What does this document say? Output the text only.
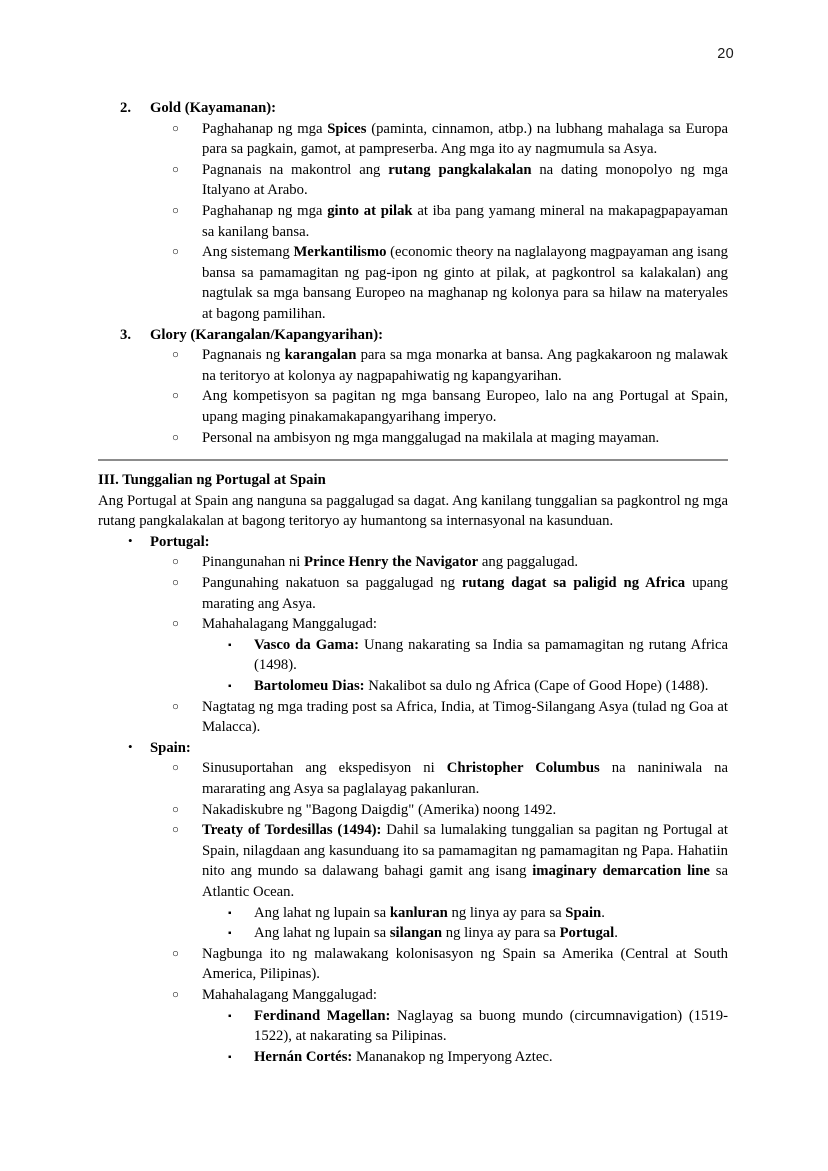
20
2.	Gold (Kayamanan):
○ Paghahanap ng mga Spices (paminta, cinnamon, atbp.) na lubhang mahalaga sa Europa para sa pagkain, gamot, at pampreserba. Ang mga ito ay nagmumula sa Asya.
○ Pagnanais na makontrol ang rutang pangkalakalan na dating monopolyo ng mga Italyano at Arabo.
○ Paghahanap ng mga ginto at pilak at iba pang yamang mineral na makapagpapayaman sa kanilang bansa.
○ Ang sistemang Merkantilismo (economic theory na naglalayong magpayaman ang isang bansa sa pamamagitan ng pag-ipon ng ginto at pilak, at pagkontrol sa kalakalan) ang nagtulak sa mga bansang Europeo na maghanap ng kolonya para sa hilaw na materyales at bagong pamilihan.
3.	Glory (Karangalan/Kapangyarihan):
○ Pagnanais ng karangalan para sa mga monarka at bansa. Ang pagkakaroon ng malawak na teritoryo at kolonya ay nagpapahiwatig ng kapangyarihan.
○ Ang kompetisyon sa pagitan ng mga bansang Europeo, lalo na ang Portugal at Spain, upang maging pinakamakapangyarihang imperyo.
○ Personal na ambisyon ng mga manggalugad na makilala at maging mayaman.
III. Tunggalian ng Portugal at Spain
Ang Portugal at Spain ang nanguna sa paggalugad sa dagat. Ang kanilang tunggalian sa pagkontrol ng mga rutang pangkalakalan at bagong teritoryo ay humantong sa internasyonal na kasunduan.
• Portugal:
○ Pinangunahan ni Prince Henry the Navigator ang paggalugad.
○ Pangunahing nakatuon sa paggalugad ng rutang dagat sa paligid ng Africa upang marating ang Asya.
○ Mahahalagang Manggalugad:
▪ Vasco da Gama: Unang nakarating sa India sa pamamagitan ng rutang Africa (1498).
▪ Bartolomeu Dias: Nakalibot sa dulo ng Africa (Cape of Good Hope) (1488).
○ Nagtatag ng mga trading post sa Africa, India, at Timog-Silangang Asya (tulad ng Goa at Malacca).
• Spain:
○ Sinusuportahan ang ekspedisyon ni Christopher Columbus na naniniwala na mararating ang Asya sa paglalayag pakanluran.
○ Nakadiskubre ng "Bagong Daigdig" (Amerika) noong 1492.
○ Treaty of Tordesillas (1494): Dahil sa lumalaking tunggalian sa pagitan ng Portugal at Spain, nilagdaan ang kasunduang ito sa pamamagitan ng pamamagitan ng Papa. Hahatiin nito ang mundo sa dalawang bahagi gamit ang isang imaginary demarcation line sa Atlantic Ocean.
▪ Ang lahat ng lupain sa kanluran ng linya ay para sa Spain.
▪ Ang lahat ng lupain sa silangan ng linya ay para sa Portugal.
○ Nagbunga ito ng malawakang kolonisasyon ng Spain sa Amerika (Central at South America, Pilipinas).
○ Mahahalagang Manggalugad:
▪ Ferdinand Magellan: Naglayag sa buong mundo (circumnavigation) (1519-1522), at nakarating sa Pilipinas.
▪ Hernán Cortés: Mananakop ng Imperyong Aztec.
